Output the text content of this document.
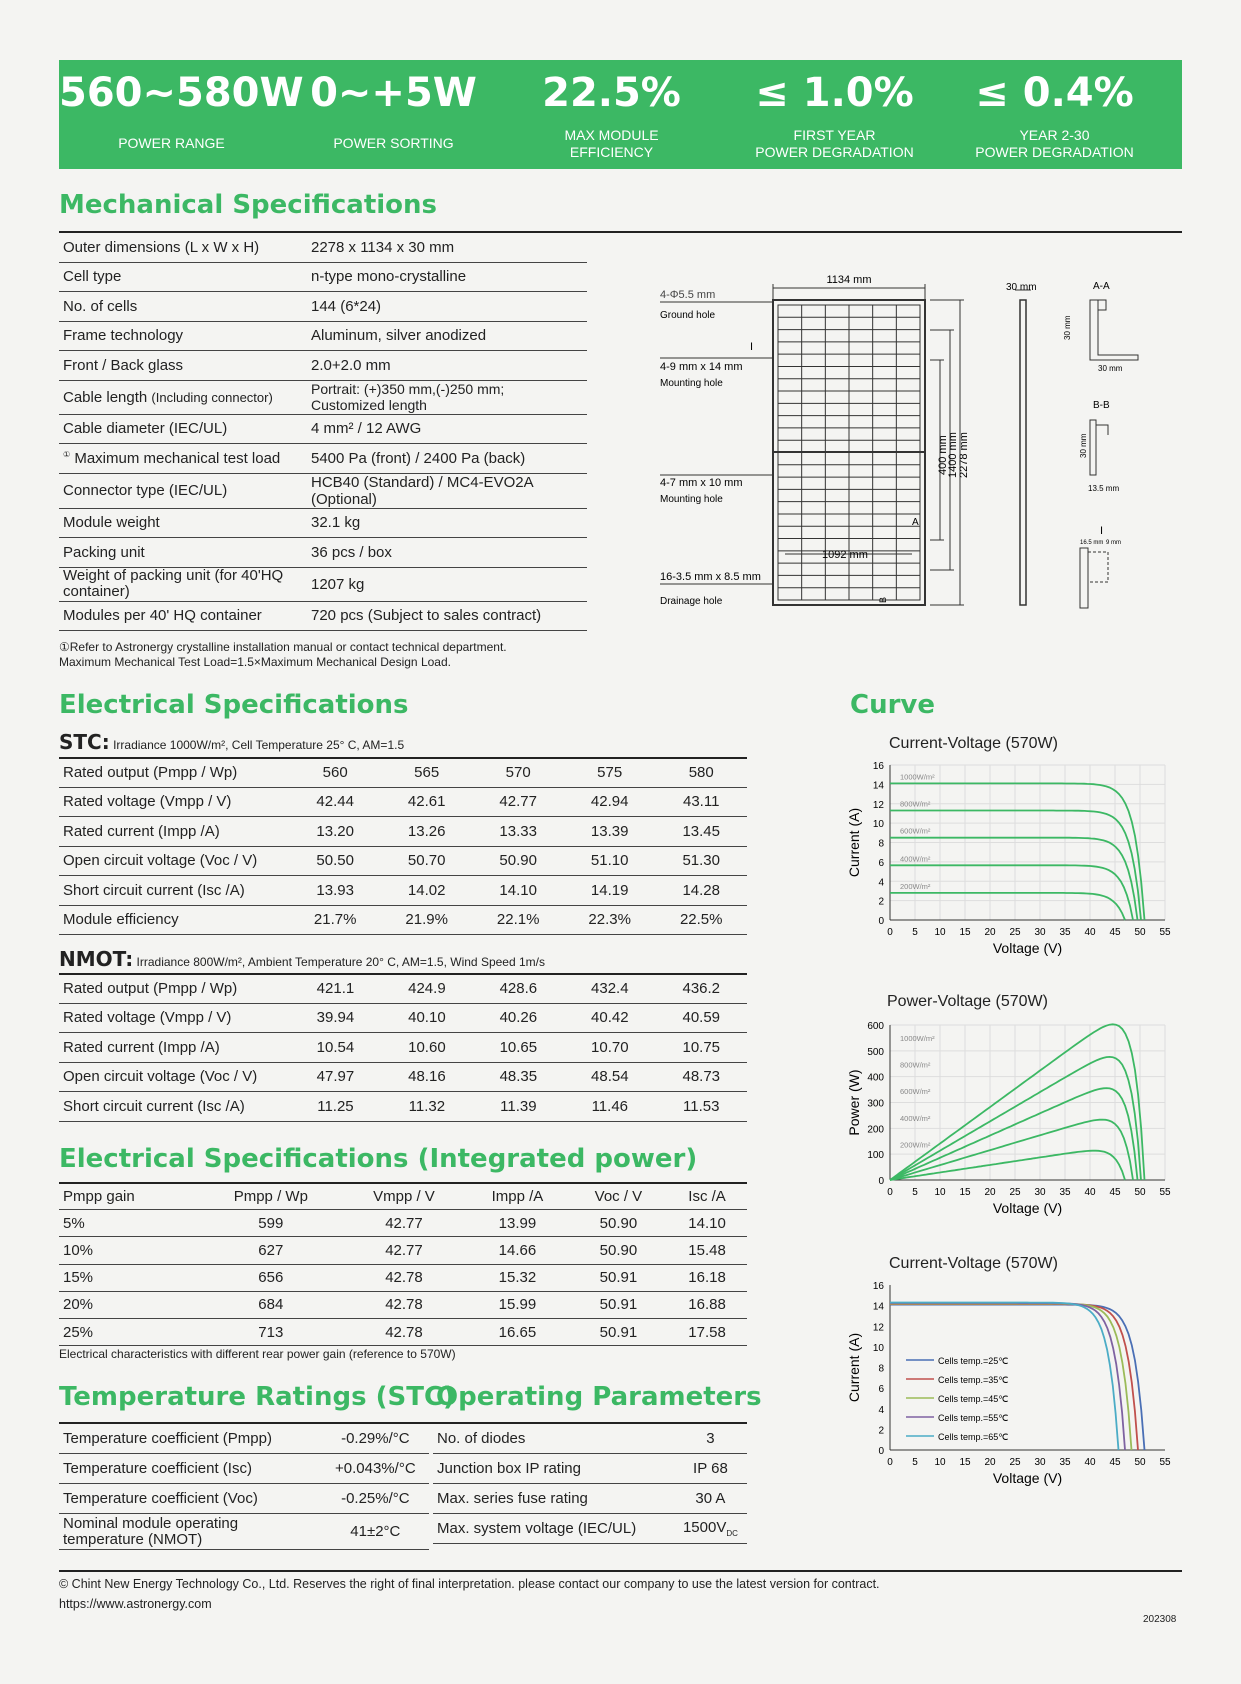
560~580W
POWER RANGE
0~+5W
POWER SORTING
22.5%
MAX MODULE
EFFICIENCY
≤ 1.0%
FIRST YEAR
POWER DEGRADATION
≤ 0.4%
YEAR 2-30
POWER DEGRADATION
Mechanical Specifications
Outer dimensions (L x W x H)	2278 x 1134 x 30 mm
Cell type	n-type mono-crystalline
No. of cells	144 (6*24)
Frame technology	Aluminum, silver anodized
Front / Back glass	2.0+2.0 mm
Cable length (Including connector)	Portrait: (+)350 mm,(-)250 mm;
Customized length
Cable diameter (IEC/UL)	4 mm² / 12 AWG
① Maximum mechanical test load	5400 Pa (front) / 2400 Pa (back)
Connector type (IEC/UL)	HCB40 (Standard) / MC4-EVO2A (Optional)
Module weight	32.1 kg
Packing unit	36 pcs / box
Weight of packing unit (for 40'HQ
container)	1207 kg
Modules per 40' HQ container	720 pcs (Subject to sales contract)
①Refer to Astronergy crystalline installation manual or contact technical department.
Maximum Mechanical Test Load=1.5×Maximum Mechanical Design Load.
1134 mm
4-Φ5.5 mm
Ground hole
I
4-9 mm x 14 mm
Mounting hole
4-7 mm x 10 mm
Mounting hole
16-3.5 mm x 8.5 mm
Drainage hole
1092 mm
400 mm
1400 mm 2278 mm
A
B
30 mm	A-A
30 mm
30 mm
B-B
30 mm
13.5 mm
I
16.5 mm 9 mm
Electrical Specifications
STC: Irradiance 1000W/m², Cell Temperature 25° C, AM=1.5
Rated output (Pmpp / Wp)	560	565	570	575	580
Rated voltage (Vmpp / V)	42.44	42.61	42.77	42.94	43.11
Rated current (Impp /A)	13.20	13.26	13.33	13.39	13.45
Open circuit voltage (Voc / V)	50.50	50.70	50.90	51.10	51.30
Short circuit current (Isc /A)	13.93	14.02	14.10	14.19	14.28
Module efficiency	21.7%	21.9%	22.1%	22.3%	22.5%
NMOT: Irradiance 800W/m², Ambient Temperature 20° C, AM=1.5, Wind Speed 1m/s
Rated output (Pmpp / Wp)	421.1	424.9	428.6	432.4	436.2
Rated voltage (Vmpp / V)	39.94	40.10	40.26	40.42	40.59
Rated current (Impp /A)	10.54	10.60	10.65	10.70	10.75
Open circuit voltage (Voc / V)	47.97	48.16	48.35	48.54	48.73
Short circuit current (Isc /A)	11.25	11.32	11.39	11.46	11.53
Electrical Specifications (Integrated power)
Pmpp gain	Pmpp / Wp	Vmpp / V	Impp /A	Voc / V	Isc /A
5%	599	42.77	13.99	50.90	14.10
10%	627	42.77	14.66	50.90	15.48
15%	656	42.78	15.32	50.91	16.18
20%	684	42.78	15.99	50.91	16.88
25%	713	42.78	16.65	50.91	17.58
Electrical characteristics with different rear power gain (reference to 570W)
Temperature Ratings (STC)
Operating Parameters
Temperature coefficient (Pmpp)	-0.29%/°C
Temperature coefficient (Isc)	+0.043%/°C
Temperature coefficient (Voc)	-0.25%/°C
Nominal module operating
temperature (NMOT)	41±2°C
No. of diodes	3
Junction box IP rating	IP 68
Max. series fuse rating	30 A
Max. system voltage (IEC/UL)	$1500V_{DC}$
Curve
Current-Voltage (570W)
0
2
4
6
8
10
12
14
16
0 5 10 15 20 25 30 35 40 45 50 55
Voltage (V)
Current (A)
1000W/m²
800W/m²
600W/m²
400W/m²
200W/m²
Power-Voltage (570W)
0
100
200
300
400
500
600
0 5 10 15 20 25 30 35 40 45 50 55
Voltage (V)
Power (W)
1000W/m²
800W/m²
600W/m²
400W/m²
200W/m²
Current-Voltage (570W)
0
2
4
6
8
10
12
14
16
0 5 10 15 20 25 30 35 40 45 50 55
Voltage (V)
Current (A)	Cells temp.=25℃
Cells temp.=35℃
Cells temp.=45℃
Cells temp.=55℃
Cells temp.=65℃
© Chint New Energy Technology Co., Ltd. Reserves the right of final interpretation. please contact our company to use the latest version for contract.
https://www.astronergy.com
202308
